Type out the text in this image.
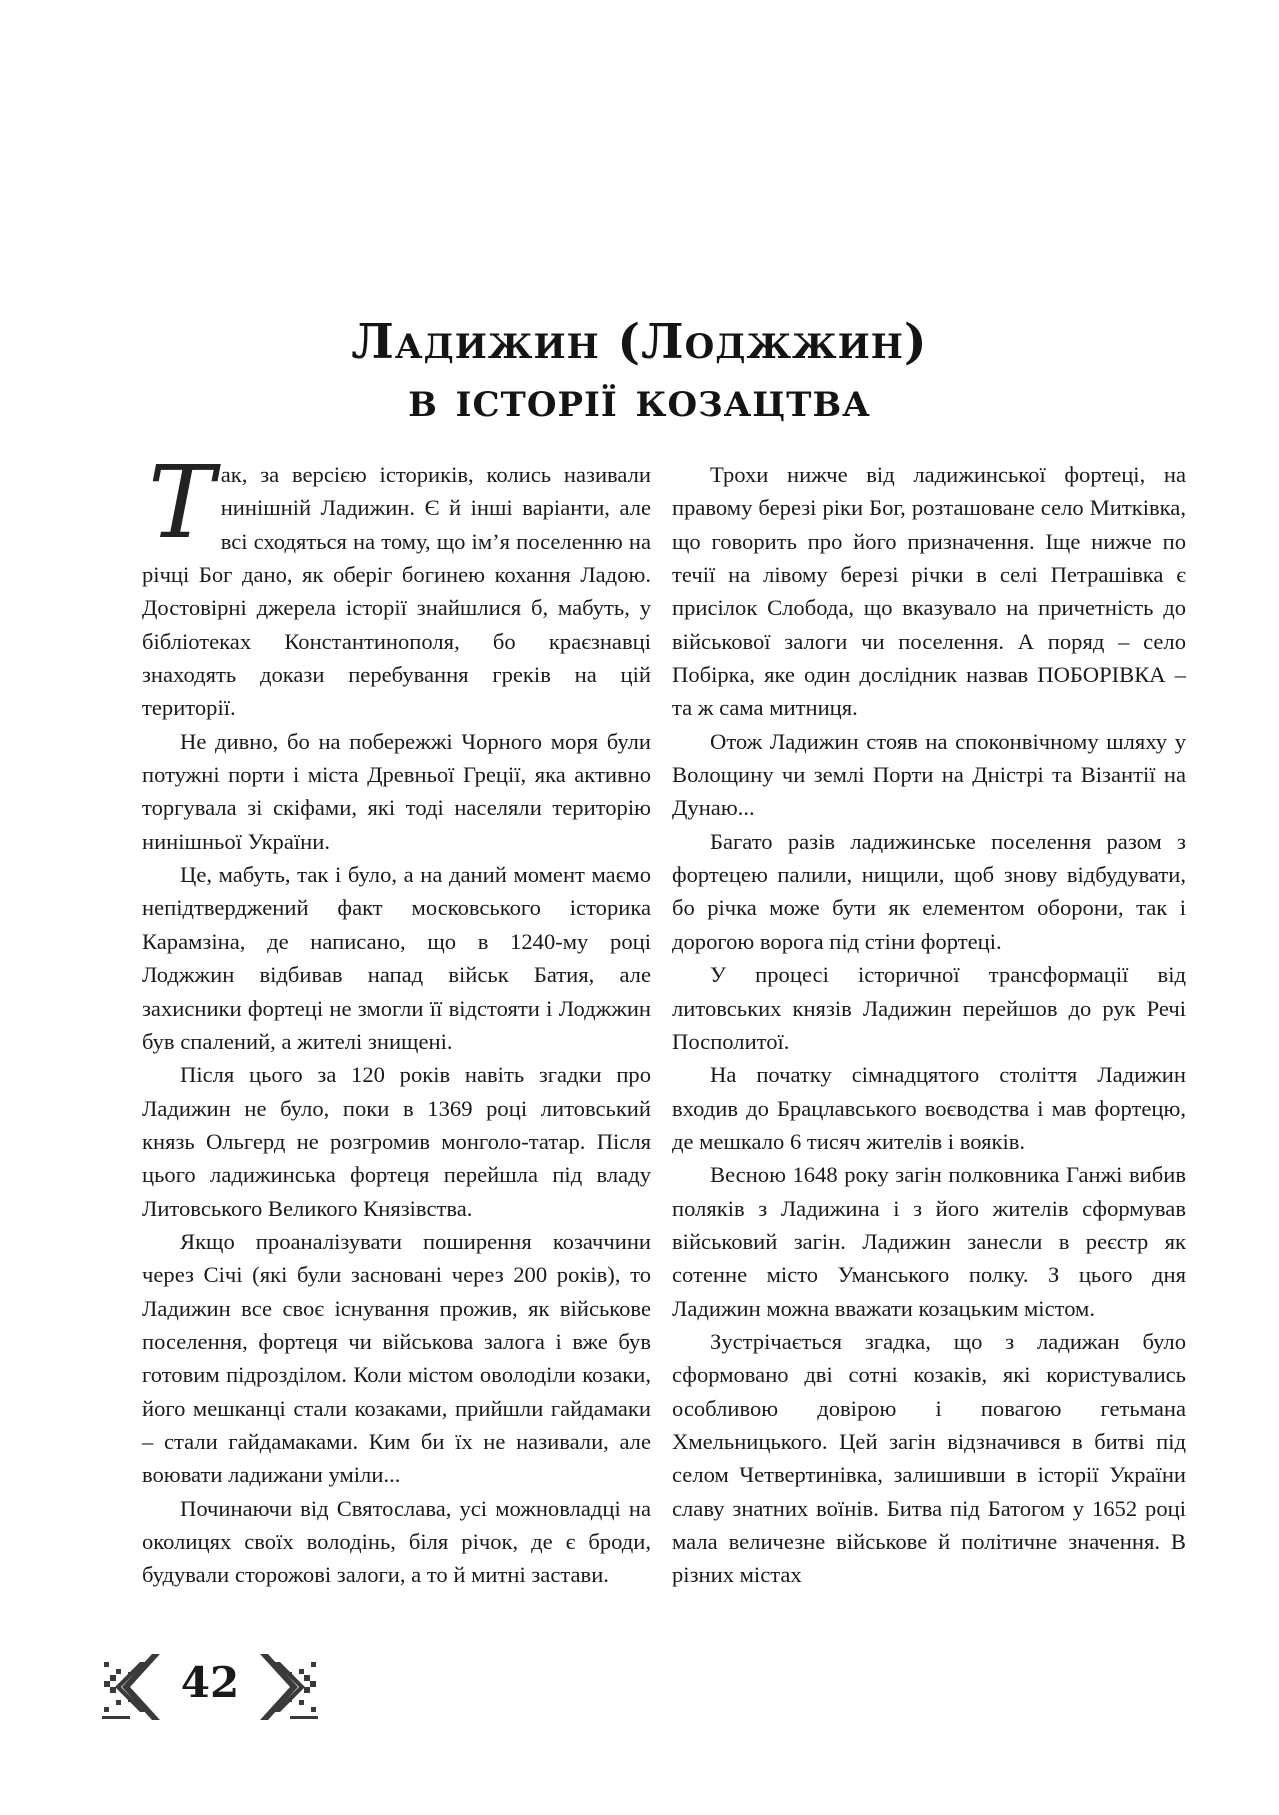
Ладижин (Лоджжин)
в історії козацтва

Так, за версією істориків, колись називали нинішній Ладижин. Є й інші варіанти, але всі сходяться на тому, що ім’я поселенню на річці Бог дано, як оберіг богинею кохання Ладою. Достовірні джерела історії знайшлися б, мабуть, у бібліотеках Константинополя, бо краєзнавці знаходять докази перебування греків на цій території.

Не дивно, бо на побережжі Чорного моря були потужні порти і міста Древньої Греції, яка активно торгувала зі скіфами, які тоді населяли територію нинішньої України.

Це, мабуть, так і було, а на даний момент маємо непідтверджений факт московського історика Карамзіна, де написано, що в 1240-му році Лоджжин відбивав напад військ Батия, але захисники фортеці не змогли її відстояти і Лоджжин був спалений, а жителі знищені.

Після цього за 120 років навіть згадки про Ладижин не було, поки в 1369 році литовський князь Ольгерд не розгромив монголо-татар. Після цього ладижинська фортеця перейшла під владу Литовського Великого Князівства.

Якщо проаналізувати поширення козаччини через Січі (які були засновані через 200 років), то Ладижин все своє існування прожив, як військове поселення, фортеця чи військова залога і вже був готовим підрозділом. Коли містом оволоділи козаки, його мешканці стали козаками, прийшли гайдамаки – стали гайдамаками. Ким би їх не називали, але воювати ладижани уміли...

Починаючи від Святослава, усі можновладці на околицях своїх володінь, біля річок, де є броди, будували сторожові залоги, а то й митні застави.

Трохи нижче від ладижинської фортеці, на правому березі ріки Бог, розташоване село Митківка, що говорить про його призначення. Іще нижче по течії на лівому березі річки в селі Петрашівка є присілок Слобода, що вказувало на причетність до військової залоги чи поселення. А поряд – село Побірка, яке один дослідник назвав ПОБОРІВКА – та ж сама митниця.

Отож Ладижин стояв на споконвічному шляху у Волощину чи землі Порти на Дністрі та Візантії на Дунаю...

Багато разів ладижинське поселення разом з фортецею палили, нищили, щоб знову відбудувати, бо річка може бути як елементом оборони, так і дорогою ворога під стіни фортеці.

У процесі історичної трансформації від литовських князів Ладижин перейшов до рук Речі Посполитої.

На початку сімнадцятого століття Ладижин входив до Брацлавського воєводства і мав фортецю, де мешкало 6 тисяч жителів і вояків.

Весною 1648 року загін полковника Ганжі вибив поляків з Ладижина і з його жителів сформував військовий загін. Ладижин занесли в реєстр як сотенне місто Уманського полку. З цього дня Ладижин можна вважати козацьким містом.

Зустрічається згадка, що з ладижан було сформовано дві сотні козаків, які користувались особливою довірою і повагою гетьмана Хмельницького. Цей загін відзначився в битві під селом Четвертинівка, залишивши в історії України славу знатних воїнів. Битва під Батогом у 1652 році мала величезне військове й політичне значення. В різних містах

42
